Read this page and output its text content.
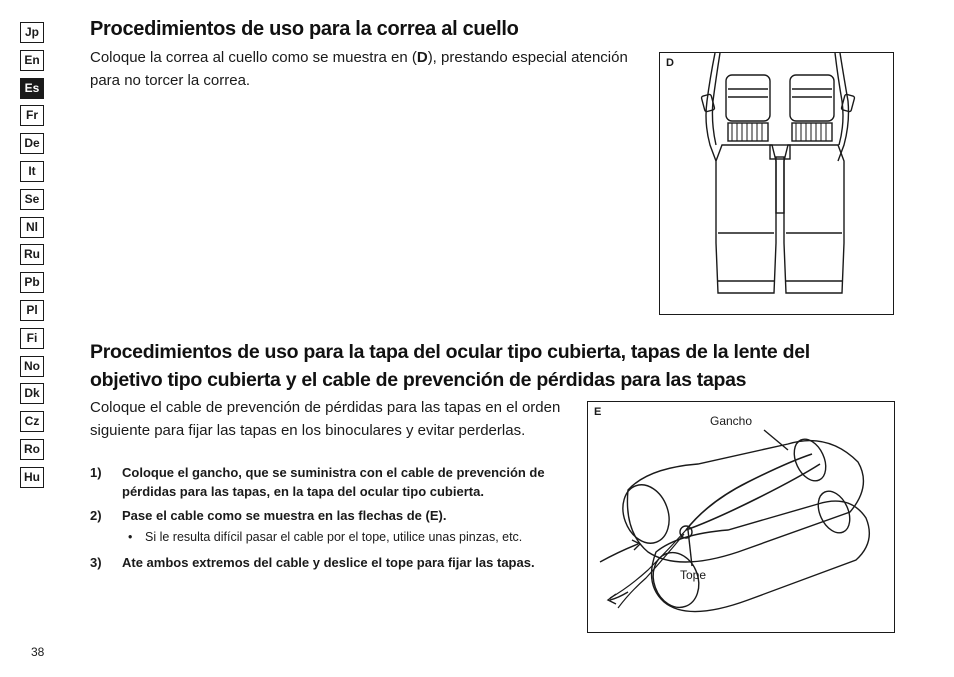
Jp
En
Es
Fr
De
It
Se
Nl
Ru
Pb
Pl
Fi
No
Dk
Cz
Ro
Hu
Procedimientos de uso para la correa al cuello
Coloque la correa al cuello como se muestra en (D), prestando especial atención para no torcer la correa.
D
Procedimientos de uso para la tapa del ocular tipo cubierta, tapas de la lente del
objetivo tipo cubierta y el cable de prevención de pérdidas para las tapas
Coloque el cable de prevención de pérdidas para las tapas en el orden siguiente para fijar las tapas en los binoculares y evitar perderlas.
1) Coloque el gancho, que se suministra con el cable de prevención de pérdidas para las tapas, en la tapa del ocular tipo cubierta.
2) Pase el cable como se muestra en las flechas de (E).
• Si le resulta difícil pasar el cable por el tope, utilice unas pinzas, etc.
3) Ate ambos extremos del cable y deslice el tope para fijar las tapas.
E
Gancho
Tope
38
